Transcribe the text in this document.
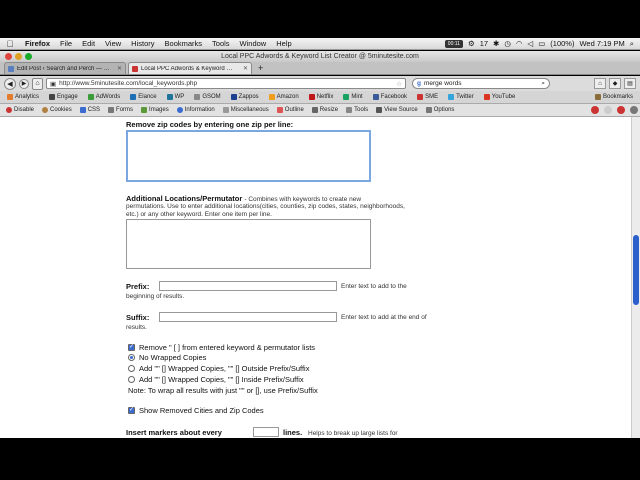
Firefox	File	Edit	View	History	Bookmarks	Tools	Window	Help	00:11	⚙ 17 ✱ ◷ ◠ ◁ ▭ (100%) Wed 7:19 PM ⌕
Local PPC Adwords & Keyword List Creator @ 5minutesite.com
Edit Post ‹ Search and Perch — …	✕	Local PPC Adwords & Keyword …	✕	+
◀	▶	⌂	▣ http://www.5minutesite.com/local_keywords.php	☆ g merge words	⌕	⌂	◆	▤
Analytics	Engage	AdWords	Elance	WP	GSOM	Zappos	Amazon	Netflix	Mint	Facebook	SME	Twitter	YouTube	Bookmarks
Disable	Cookies	CSS	Forms	Images	Information	Miscellaneous	Outline	Resize	Tools	View Source	Options
Remove zip codes by entering one zip per line:
Additional Locations/Permutator - Combines with keywords to create new
permutations. Use to enter additional locations(cities, counties, zip codes, states, neighborhoods,
etc.) or any other keyword. Enter one item per line.
Prefix:	Enter text to add to the
beginning of results.
Suffix:	Enter text to add at the end of
results.
✓
Remove " [ ] from entered keyword & permutator lists
No Wrapped Copies
Add "" [] Wrapped Copies, "" [] Outside Prefix/Suffix
Add "" [] Wrapped Copies, "" [] Inside Prefix/Suffix
Note: To wrap all results with just "" or [], use Prefix/Suffix
✓
Show Removed Cities and Zip Codes
Insert markers about every	lines. Helps to break up large lists for
